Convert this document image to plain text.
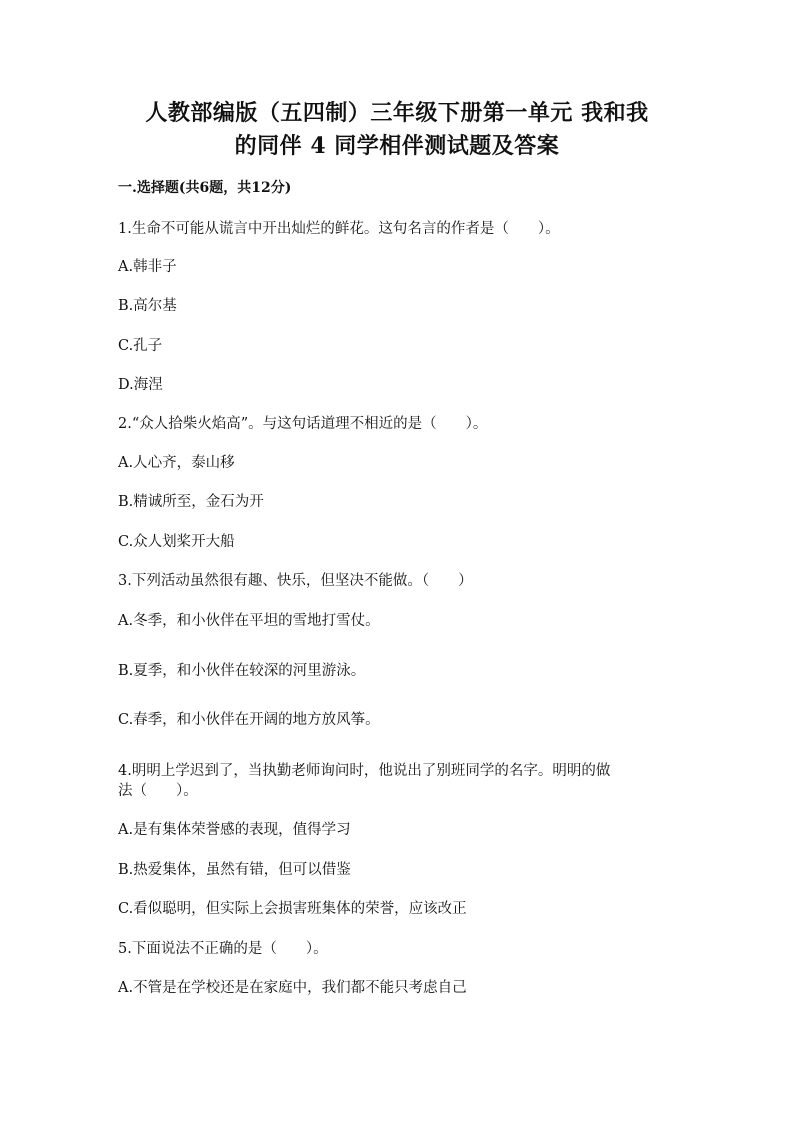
人教部编版（五四制）三年级下册第一单元 我和我
的同伴 4 同学相伴测试题及答案
一.选择题(共6题，共12分)
1.生命不可能从谎言中开出灿烂的鲜花。这句名言的作者是（　　）。
A.韩非子
B.高尔基
C.孔子
D.海涅
2.“众人拾柴火焰高”。与这句话道理不相近的是（　　）。
A.人心齐，泰山移
B.精诚所至，金石为开
C.众人划桨开大船
3.下列活动虽然很有趣、快乐，但坚决不能做。（　　）
A.冬季，和小伙伴在平坦的雪地打雪仗。
B.夏季，和小伙伴在较深的河里游泳。
C.春季，和小伙伴在开阔的地方放风筝。
4.明明上学迟到了，当执勤老师询问时，他说出了别班同学的名字。明明的做
法（　　）。
A.是有集体荣誉感的表现，值得学习
B.热爱集体，虽然有错，但可以借鉴
C.看似聪明，但实际上会损害班集体的荣誉，应该改正
5.下面说法不正确的是（　　）。
A.不管是在学校还是在家庭中，我们都不能只考虑自己
